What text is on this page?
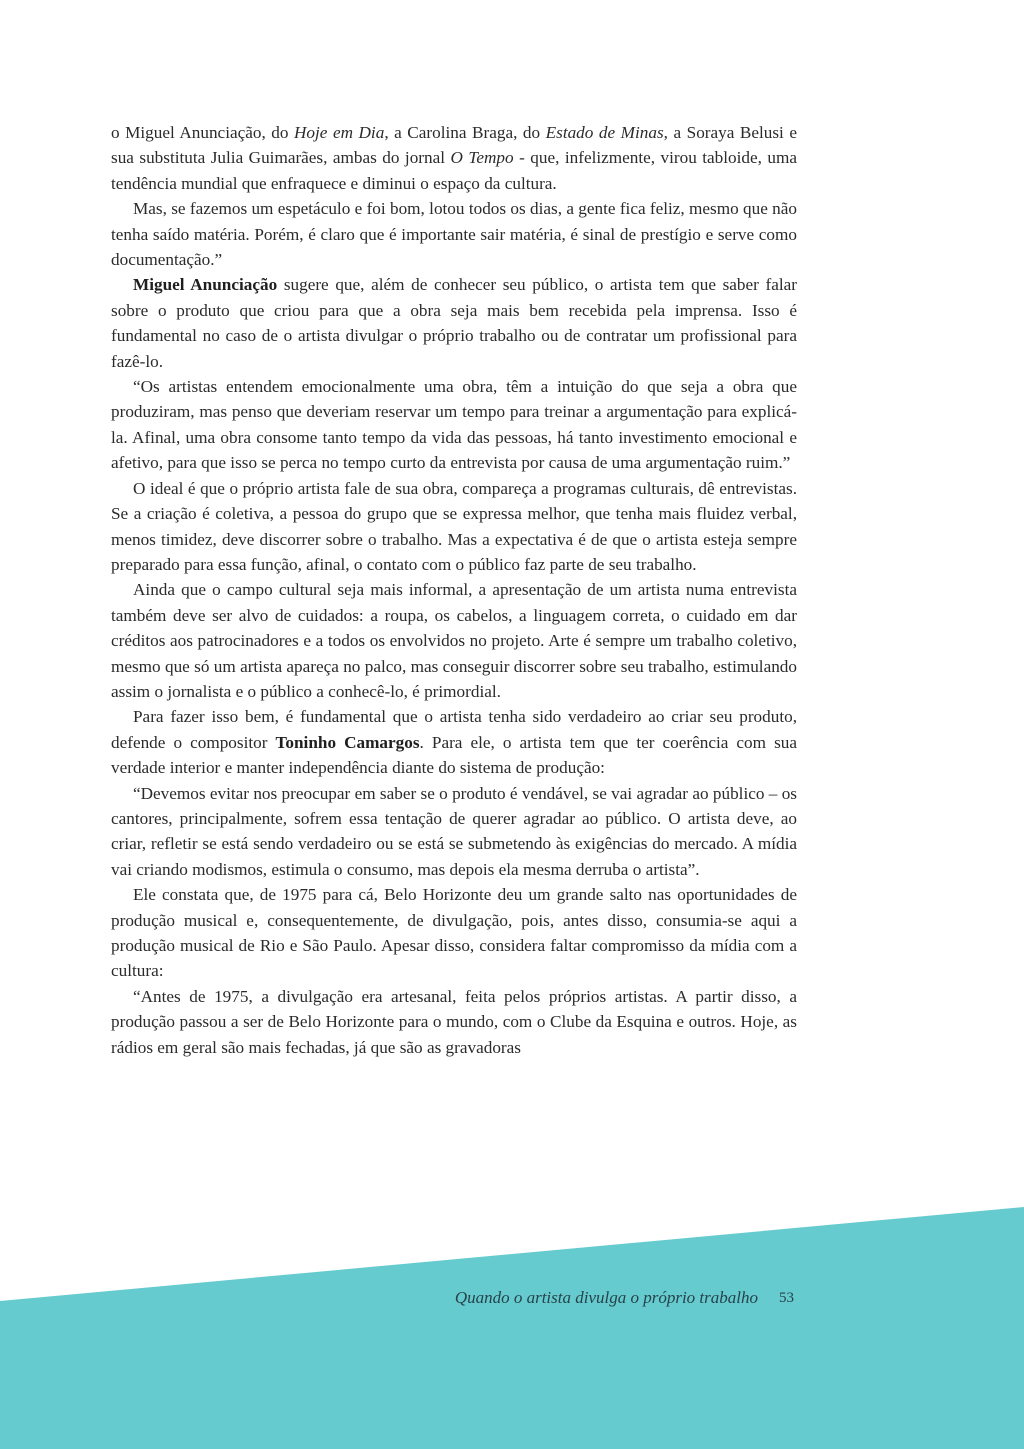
o Miguel Anunciação, do Hoje em Dia, a Carolina Braga, do Estado de Minas, a Soraya Belusi e sua substituta Julia Guimarães, ambas do jornal O Tempo - que, infelizmente, virou tabloide, uma tendência mundial que enfraquece e diminui o espaço da cultura.

Mas, se fazemos um espetáculo e foi bom, lotou todos os dias, a gente fica feliz, mesmo que não tenha saído matéria. Porém, é claro que é importante sair matéria, é sinal de prestígio e serve como documentação.”

Miguel Anunciação sugere que, além de conhecer seu público, o artista tem que saber falar sobre o produto que criou para que a obra seja mais bem recebida pela imprensa. Isso é fundamental no caso de o artista divulgar o próprio trabalho ou de contratar um profissional para fazê-lo.

“Os artistas entendem emocionalmente uma obra, têm a intuição do que seja a obra que produziram, mas penso que deveriam reservar um tempo para treinar a argumentação para explicá-la. Afinal, uma obra consome tanto tempo da vida das pessoas, há tanto investimento emocional e afetivo, para que isso se perca no tempo curto da entrevista por causa de uma argumentação ruim.”

O ideal é que o próprio artista fale de sua obra, compareça a programas culturais, dê entrevistas. Se a criação é coletiva, a pessoa do grupo que se expressa melhor, que tenha mais fluidez verbal, menos timidez, deve discorrer sobre o trabalho. Mas a expectativa é de que o artista esteja sempre preparado para essa função, afinal, o contato com o público faz parte de seu trabalho.

Ainda que o campo cultural seja mais informal, a apresentação de um artista numa entrevista também deve ser alvo de cuidados: a roupa, os cabelos, a linguagem correta, o cuidado em dar créditos aos patrocinadores e a todos os envolvidos no projeto. Arte é sempre um trabalho coletivo, mesmo que só um artista apareça no palco, mas conseguir discorrer sobre seu trabalho, estimulando assim o jornalista e o público a conhecê-lo, é primordial.

Para fazer isso bem, é fundamental que o artista tenha sido verdadeiro ao criar seu produto, defende o compositor Toninho Camargos. Para ele, o artista tem que ter coerência com sua verdade interior e manter independência diante do sistema de produção:

“Devemos evitar nos preocupar em saber se o produto é vendável, se vai agradar ao público – os cantores, principalmente, sofrem essa tentação de querer agradar ao público. O artista deve, ao criar, refletir se está sendo verdadeiro ou se está se submetendo às exigências do mercado. A mídia vai criando modismos, estimula o consumo, mas depois ela mesma derruba o artista”.

Ele constata que, de 1975 para cá, Belo Horizonte deu um grande salto nas oportunidades de produção musical e, consequentemente, de divulgação, pois, antes disso, consumia-se aqui a produção musical de Rio e São Paulo. Apesar disso, considera faltar compromisso da mídia com a cultura:

“Antes de 1975, a divulgação era artesanal, feita pelos próprios artistas. A partir disso, a produção passou a ser de Belo Horizonte para o mundo, com o Clube da Esquina e outros. Hoje, as rádios em geral são mais fechadas, já que são as gravadoras

Quando o artista divulga o próprio trabalho 53
